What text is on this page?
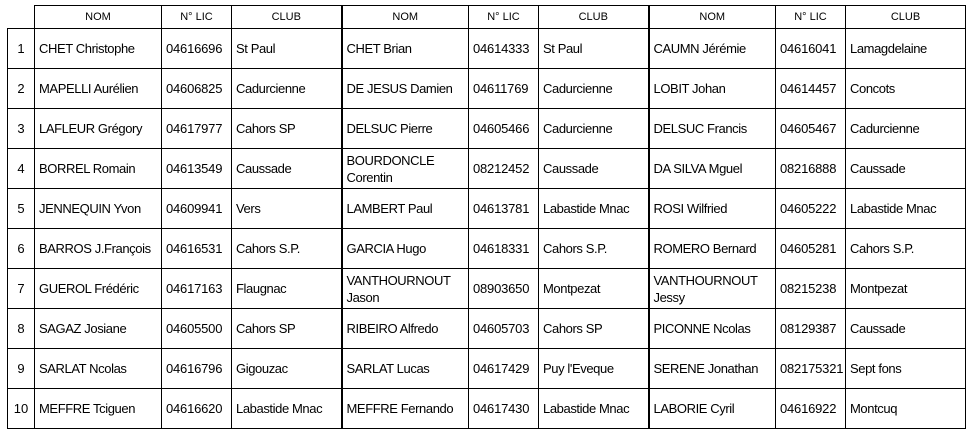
	NOM	N° LIC	CLUB	NOM	N° LIC	CLUB	NOM	N° LIC	CLUB
1	CHET Christophe	04616696	St Paul	CHET Brian	04614333	St Paul	CAUMN Jérémie	04616041	Lamagdelaine
2	MAPELLI Aurélien	04606825	Cadurcienne	DE JESUS Damien	04611769	Cadurcienne	LOBIT Johan	04614457	Concots
3	LAFLEUR Grégory	04617977	Cahors SP	DELSUC Pierre	04605466	Cadurcienne	DELSUC Francis	04605467	Cadurcienne
4	BORREL Romain	04613549	Caussade	BOURDONCLE Corentin	08212452	Caussade	DA SILVA Mguel	08216888	Caussade
5	JENNEQUIN Yvon	04609941	Vers	LAMBERT Paul	04613781	Labastide Mnac	ROSI Wilfried	04605222	Labastide Mnac
6	BARROS J.François	04616531	Cahors S.P.	GARCIA Hugo	04618331	Cahors S.P.	ROMERO Bernard	04605281	Cahors S.P.
7	GUEROL Frédéric	04617163	Flaugnac	VANTHOURNOUT Jason	08903650	Montpezat	VANTHOURNOUT Jessy	08215238	Montpezat
8	SAGAZ Josiane	04605500	Cahors SP	RIBEIRO Alfredo	04605703	Cahors SP	PICONNE Ncolas	08129387	Caussade
9	SARLAT Ncolas	04616796	Gigouzac	SARLAT Lucas	04617429	Puy l'Eveque	SERENE Jonathan	082175321	Sept fons
10	MEFFRE Tciguen	04616620	Labastide Mnac	MEFFRE Fernando	04617430	Labastide Mnac	LABORIE Cyril	04616922	Montcuq
